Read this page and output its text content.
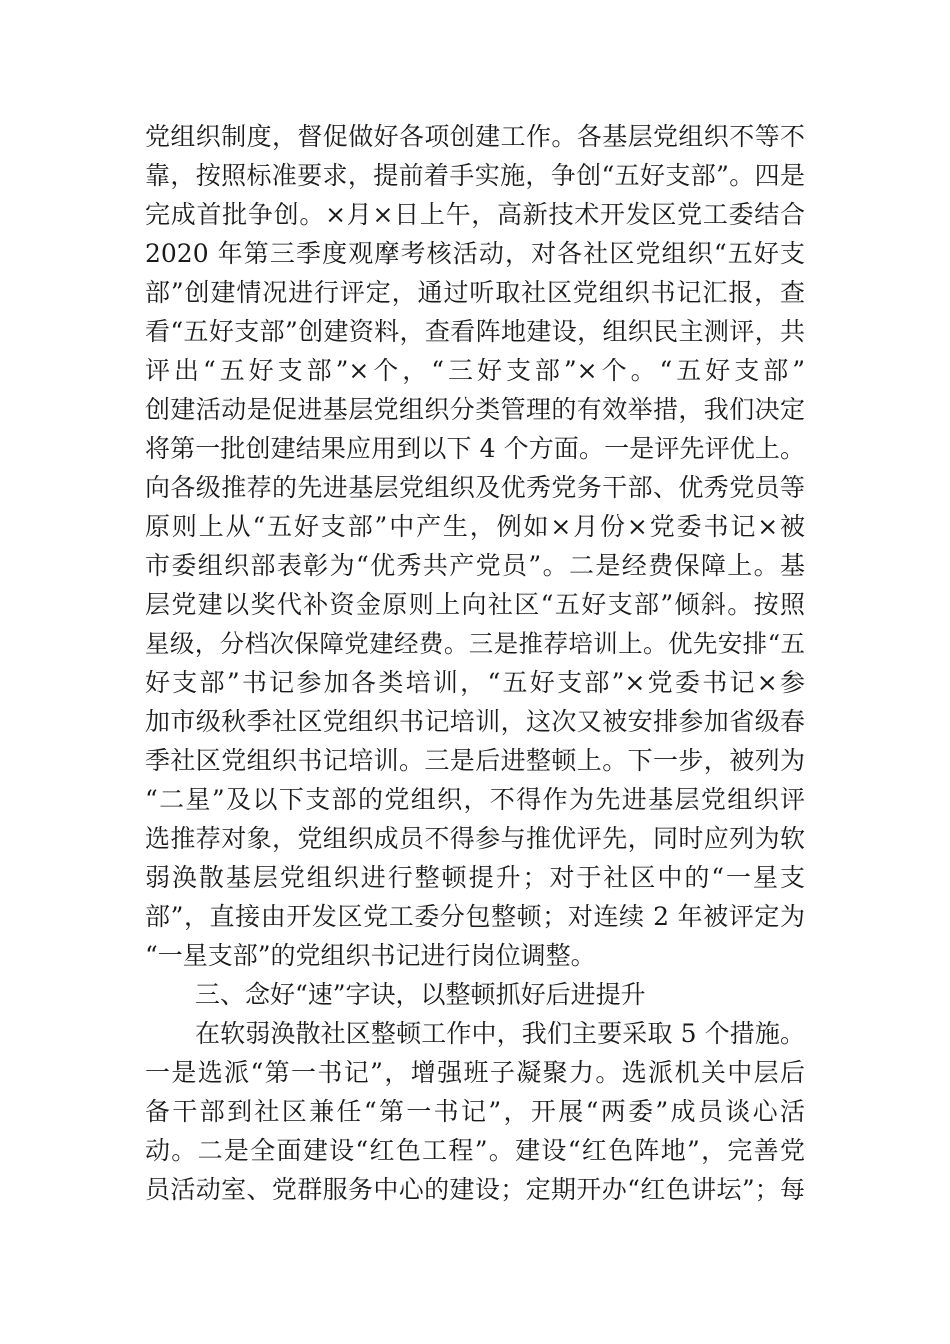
党组织制度，督促做好各项创建工作。各基层党组织不等不
靠，按照标准要求，提前着手实施，争创“五好支部”。四是
完成首批争创。×月×日上午，高新技术开发区党工委结合
2020 年第三季度观摩考核活动，对各社区党组织“五好支
部”创建情况进行评定，通过听取社区党组织书记汇报，查
看“五好支部”创建资料，查看阵地建设，组织民主测评，共
评出“五好支部”×个，“三好支部”×个。“五好支部”
创建活动是促进基层党组织分类管理的有效举措，我们决定
将第一批创建结果应用到以下 4 个方面。一是评先评优上。
向各级推荐的先进基层党组织及优秀党务干部、优秀党员等
原则上从“五好支部”中产生，例如×月份×党委书记×被
市委组织部表彰为“优秀共产党员”。二是经费保障上。基
层党建以奖代补资金原则上向社区“五好支部”倾斜。按照
星级，分档次保障党建经费。三是推荐培训上。优先安排“五
好支部”书记参加各类培训，“五好支部”×党委书记×参
加市级秋季社区党组织书记培训，这次又被安排参加省级春
季社区党组织书记培训。三是后进整顿上。下一步，被列为
“二星”及以下支部的党组织，不得作为先进基层党组织评
选推荐对象，党组织成员不得参与推优评先，同时应列为软
弱涣散基层党组织进行整顿提升；对于社区中的“一星支
部”，直接由开发区党工委分包整顿；对连续 2 年被评定为
“一星支部”的党组织书记进行岗位调整。
三、念好“速”字诀，以整顿抓好后进提升
在软弱涣散社区整顿工作中，我们主要采取 5 个措施。
一是选派“第一书记”，增强班子凝聚力。选派机关中层后
备干部到社区兼任“第一书记”，开展“两委”成员谈心活
动。二是全面建设“红色工程”。建设“红色阵地”，完善党
员活动室、党群服务中心的建设；定期开办“红色讲坛”；每
